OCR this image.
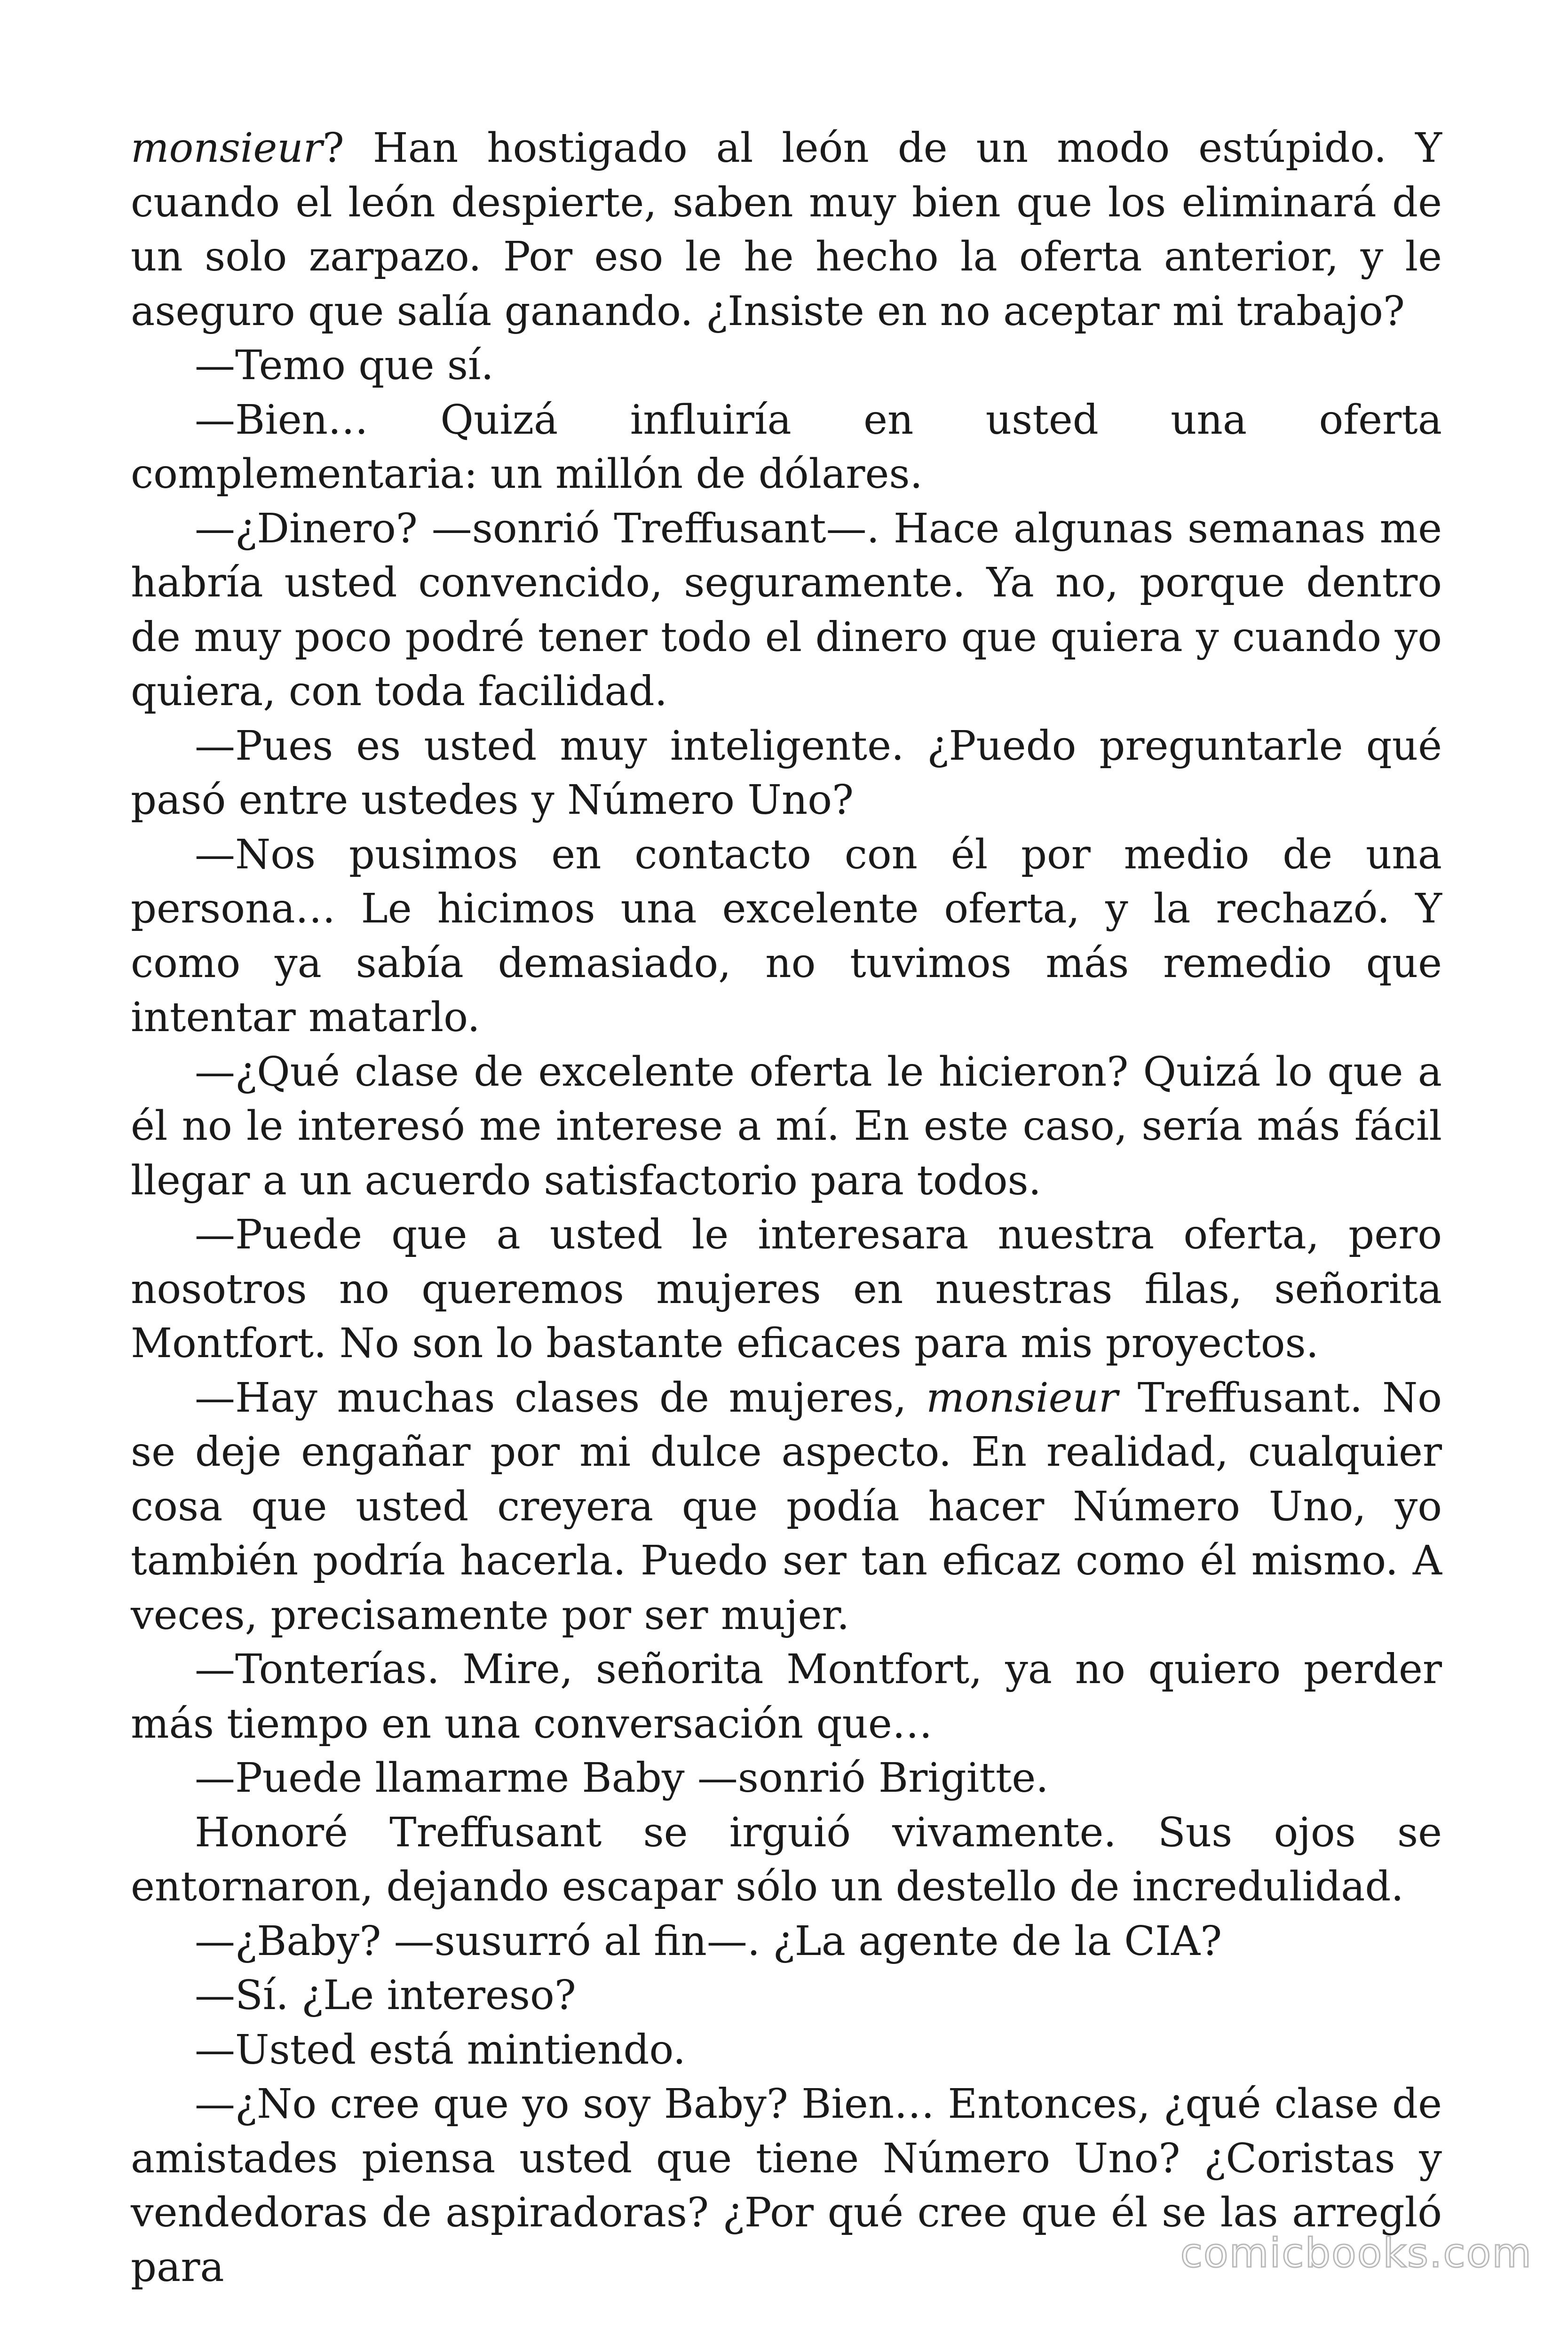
monsieur? Han hostigado al león de un modo estúpido. Y cuando el león despierte, saben muy bien que los eliminará de un solo zarpazo. Por eso le he hecho la oferta anterior, y le aseguro que salía ganando. ¿Insiste en no aceptar mi trabajo?

—Temo que sí.

—Bien… Quizá influiría en usted una oferta complementaria: un millón de dólares.

—¿Dinero? —sonrió Treffusant—. Hace algunas semanas me habría usted convencido, seguramente. Ya no, porque dentro de muy poco podré tener todo el dinero que quiera y cuando yo quiera, con toda facilidad.

—Pues es usted muy inteligente. ¿Puedo preguntarle qué pasó entre ustedes y Número Uno?

—Nos pusimos en contacto con él por medio de una persona… Le hicimos una excelente oferta, y la rechazó. Y como ya sabía demasiado, no tuvimos más remedio que intentar matarlo.

—¿Qué clase de excelente oferta le hicieron? Quizá lo que a él no le interesó me interese a mí. En este caso, sería más fácil llegar a un acuerdo satisfactorio para todos.

—Puede que a usted le interesara nuestra oferta, pero nosotros no queremos mujeres en nuestras filas, señorita Montfort. No son lo bastante eficaces para mis proyectos.

—Hay muchas clases de mujeres, monsieur Treffusant. No se deje engañar por mi dulce aspecto. En realidad, cualquier cosa que usted creyera que podía hacer Número Uno, yo también podría hacerla. Puedo ser tan eficaz como él mismo. A veces, precisamente por ser mujer.

—Tonterías. Mire, señorita Montfort, ya no quiero perder más tiempo en una conversación que…

—Puede llamarme Baby —sonrió Brigitte.

Honoré Treffusant se irguió vivamente. Sus ojos se entornaron, dejando escapar sólo un destello de incredulidad.

—¿Baby? —susurró al fin—. ¿La agente de la CIA?

—Sí. ¿Le intereso?

—Usted está mintiendo.

—¿No cree que yo soy Baby? Bien… Entonces, ¿qué clase de amistades piensa usted que tiene Número Uno? ¿Coristas y vendedoras de aspiradoras? ¿Por qué cree que él se las arregló para	comicbooks.com
